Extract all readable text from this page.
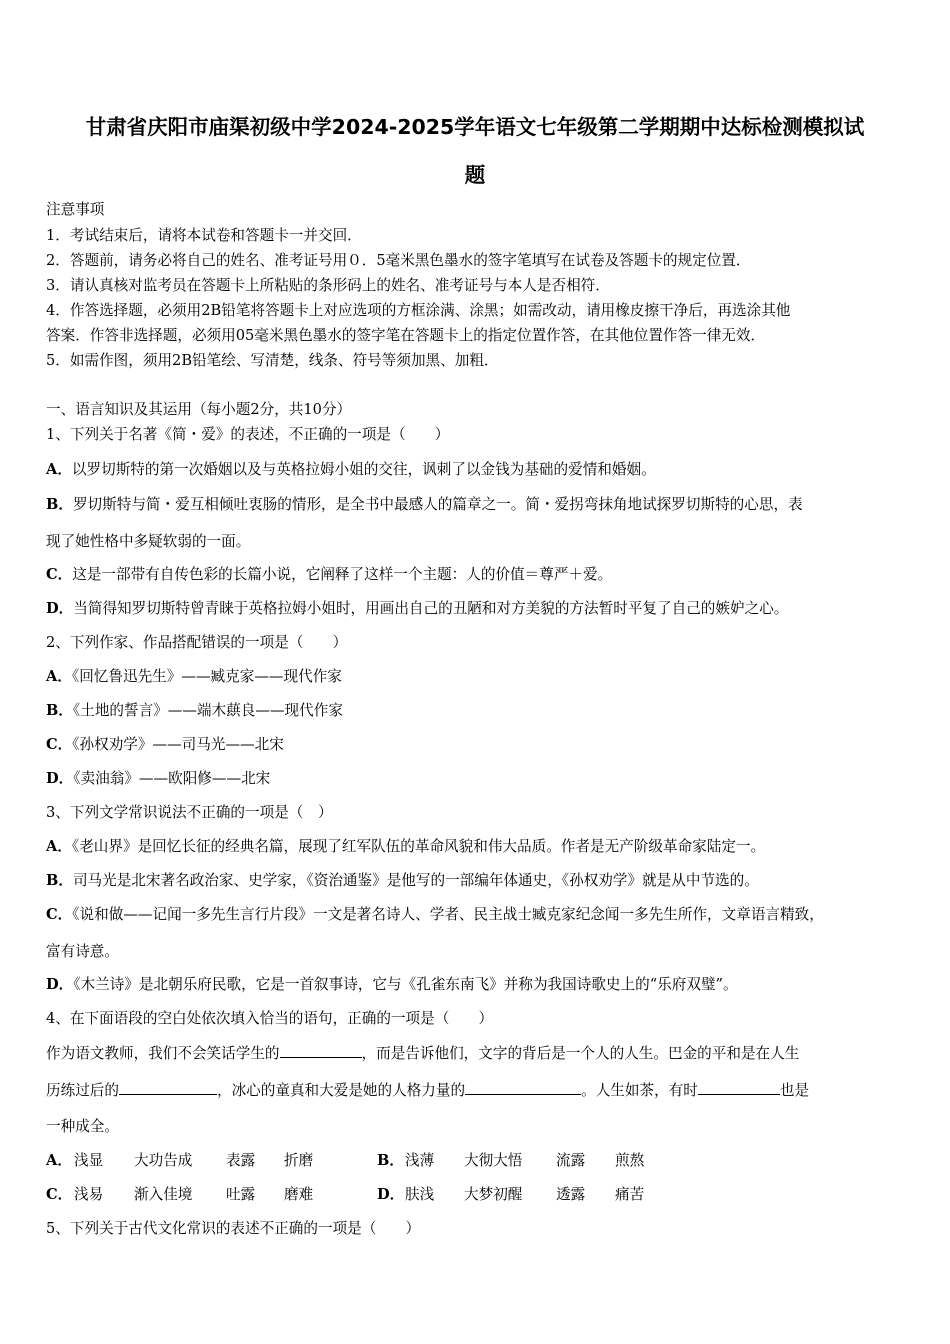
甘肃省庆阳市庙渠初级中学2024-2025学年语文七年级第二学期期中达标检测模拟试
题
注意事项
1．考试结束后，请将本试卷和答题卡一并交回．
2．答题前，请务必将自己的姓名、准考证号用０．5毫米黑色墨水的签字笔填写在试卷及答题卡的规定位置．
3．请认真核对监考员在答题卡上所粘贴的条形码上的姓名、准考证号与本人是否相符．
4．作答选择题，必须用2B铅笔将答题卡上对应选项的方框涂满、涂黑；如需改动，请用橡皮擦干净后，再选涂其他
答案．作答非选择题，必须用05毫米黑色墨水的签字笔在答题卡上的指定位置作答，在其他位置作答一律无效．
5．如需作图，须用2B铅笔绘、写清楚，线条、符号等须加黑、加粗．
一、语言知识及其运用（每小题2分，共10分）
1、下列关于名著《简・爱》的表述，不正确的一项是（　　）
A．以罗切斯特的第一次婚姻以及与英格拉姆小姐的交往，讽刺了以金钱为基础的爱情和婚姻。
B．罗切斯特与简・爱互相倾吐衷肠的情形，是全书中最感人的篇章之一。简・爱拐弯抹角地试探罗切斯特的心思，表
现了她性格中多疑软弱的一面。
C．这是一部带有自传色彩的长篇小说，它阐释了这样一个主题：人的价值＝尊严＋爱。
D．当简得知罗切斯特曾青睐于英格拉姆小姐时，用画出自己的丑陋和对方美貌的方法暂时平复了自己的嫉妒之心。
2、下列作家、作品搭配错误的一项是（　　）
A．《回忆鲁迅先生》——臧克家——现代作家
B．《土地的誓言》——端木蕻良——现代作家
C．《孙权劝学》——司马光——北宋
D．《卖油翁》——欧阳修——北宋
3、下列文学常识说法不正确的一项是（　）
A．《老山界》是回忆长征的经典名篇，展现了红军队伍的革命风貌和伟大品质。作者是无产阶级革命家陆定一。
B．司马光是北宋著名政治家、史学家，《资治通鉴》是他写的一部编年体通史，《孙权劝学》就是从中节选的。
C．《说和做——记闻一多先生言行片段》一文是著名诗人、学者、民主战士臧克家纪念闻一多先生所作，文章语言精致，
富有诗意。
D．《木兰诗》是北朝乐府民歌，它是一首叙事诗，它与《孔雀东南飞》并称为我国诗歌史上的“乐府双璧”。
4、在下面语段的空白处依次填入恰当的语句，正确的一项是（　　）
作为语文教师，我们不会笑话学生的	，而是告诉他们，文字的背后是一个人的人生。巴金的平和是在人生
历练过后的	，冰心的童真和大爱是她的人格力量的	。人生如茶，有时	也是
一种成全。
A． 浅显 大功告成 表露 折磨	B． 浅薄 大彻大悟 流露 煎熬
C． 浅易 渐入佳境 吐露 磨难	D． 肤浅 大梦初醒 透露 痛苦
5、下列关于古代文化常识的表述不正确的一项是（　　）
